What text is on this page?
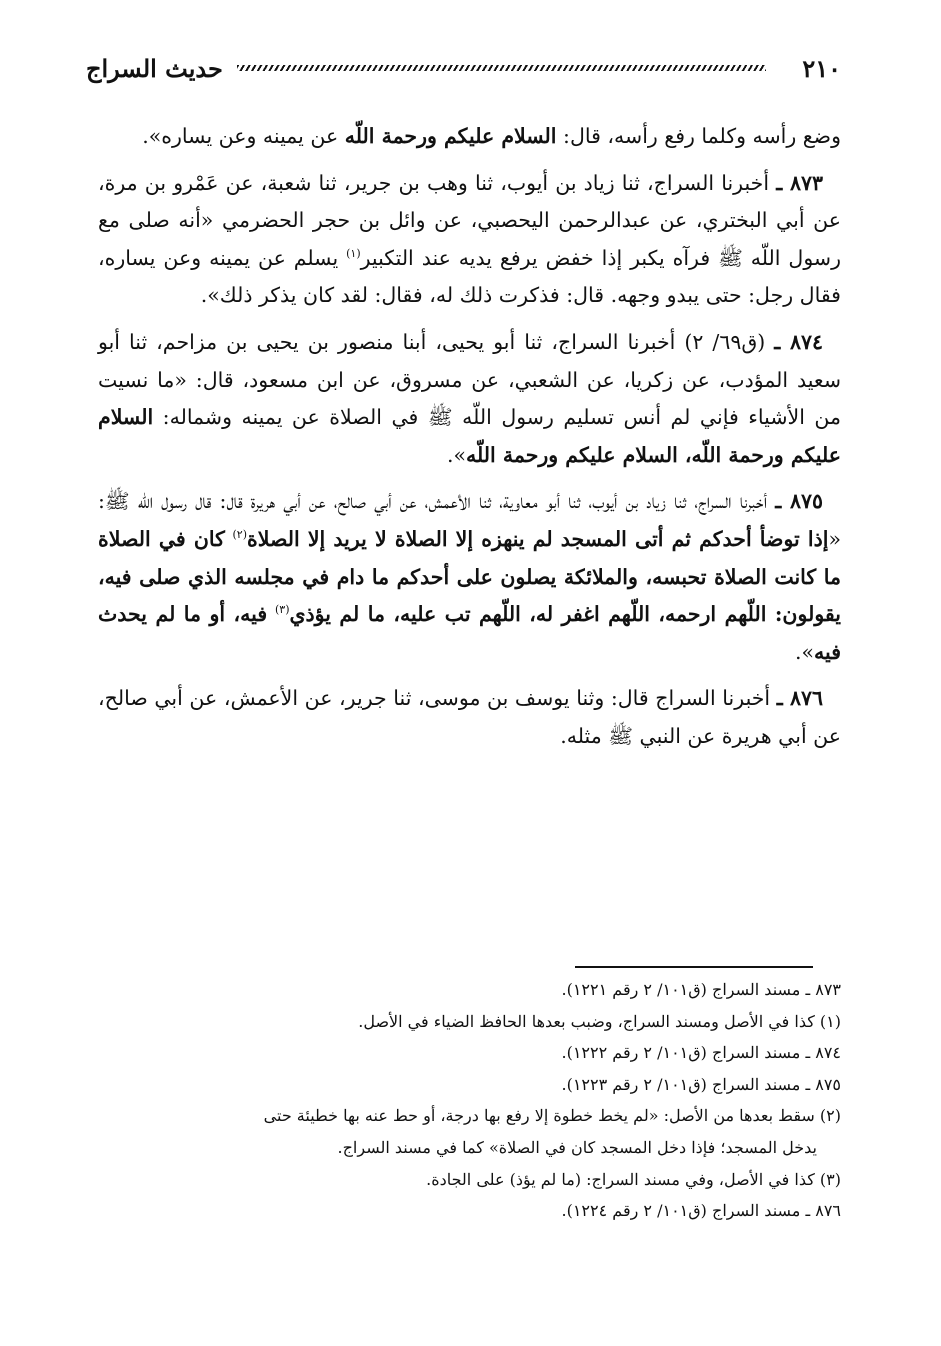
٢١٠
حديث السراج

وضع رأسه وكلما رفع رأسه، قال: السلام عليكم ورحمة اللّه عن يمينه وعن يساره».

٨٧٣ ـ أخبرنا السراج، ثنا زياد بن أيوب، ثنا وهب بن جرير، ثنا شعبة، عن عَمْرو بن مرة، عن أبي البختري، عن عبدالرحمن اليحصبي، عن وائل بن حجر الحضرمي «أنه صلى مع رسول اللّه ﷺ فرآه يكبر إذا خفض يرفع يديه عند التكبير$^{(١)}$ يسلم عن يمينه وعن يساره، فقال رجل: حتى يبدو وجهه. قال: فذكرت ذلك له، فقال: لقد كان يذكر ذلك».

٨٧٤ ـ (ق٦٩/ ٢) أخبرنا السراج، ثنا أبو يحيى، أبنا منصور بن يحيى بن مزاحم، ثنا أبو سعيد المؤدب، عن زكريا، عن الشعبي، عن مسروق، عن ابن مسعود، قال: «ما نسيت من الأشياء فإني لم أنس تسليم رسول اللّه ﷺ في الصلاة عن يمينه وشماله: السلام عليكم ورحمة اللّه، السلام عليكم ورحمة اللّه».

٨٧٥ ـ أخبرنا السراج، ثنا زياد بن أيوب، ثنا أبو معاوية، ثنا الأعمش، عن أبي صالح، عن أبي هريرة قال: قال رسول اللّه ﷺ: «إذا توضأ أحدكم ثم أتى المسجد لم ينهزه إلا الصلاة لا يريد إلا الصلاة$^{(٢)}$ كان في الصلاة ما كانت الصلاة تحبسه، والملائكة يصلون على أحدكم ما دام في مجلسه الذي صلى فيه، يقولون: اللّهم ارحمه، اللّهم اغفر له، اللّهم تب عليه، ما لم يؤذي$^{(٣)}$ فيه، أو ما لم يحدث فيه».

٨٧٦ ـ أخبرنا السراج قال: وثنا يوسف بن موسى، ثنا جرير، عن الأعمش، عن أبي صالح، عن أبي هريرة عن النبي ﷺ مثله.

٨٧٣ ـ مسند السراج (ق١٠١/ ٢ رقم ١٢٢١).

(١) كذا في الأصل ومسند السراج، وضبب بعدها الحافظ الضياء في الأصل.

٨٧٤ ـ مسند السراج (ق١٠١/ ٢ رقم ١٢٢٢).

٨٧٥ ـ مسند السراج (ق١٠١/ ٢ رقم ١٢٢٣).

(٢) سقط بعدها من الأصل: «لم يخط خطوة إلا رفع بها درجة، أو حط عنه بها خطيئة حتى

يدخل المسجد؛ فإذا دخل المسجد كان في الصلاة» كما في مسند السراج.

(٣) كذا في الأصل، وفي مسند السراج: (ما لم يؤذ) على الجادة.

٨٧٦ ـ مسند السراج (ق١٠١/ ٢ رقم ١٢٢٤).
